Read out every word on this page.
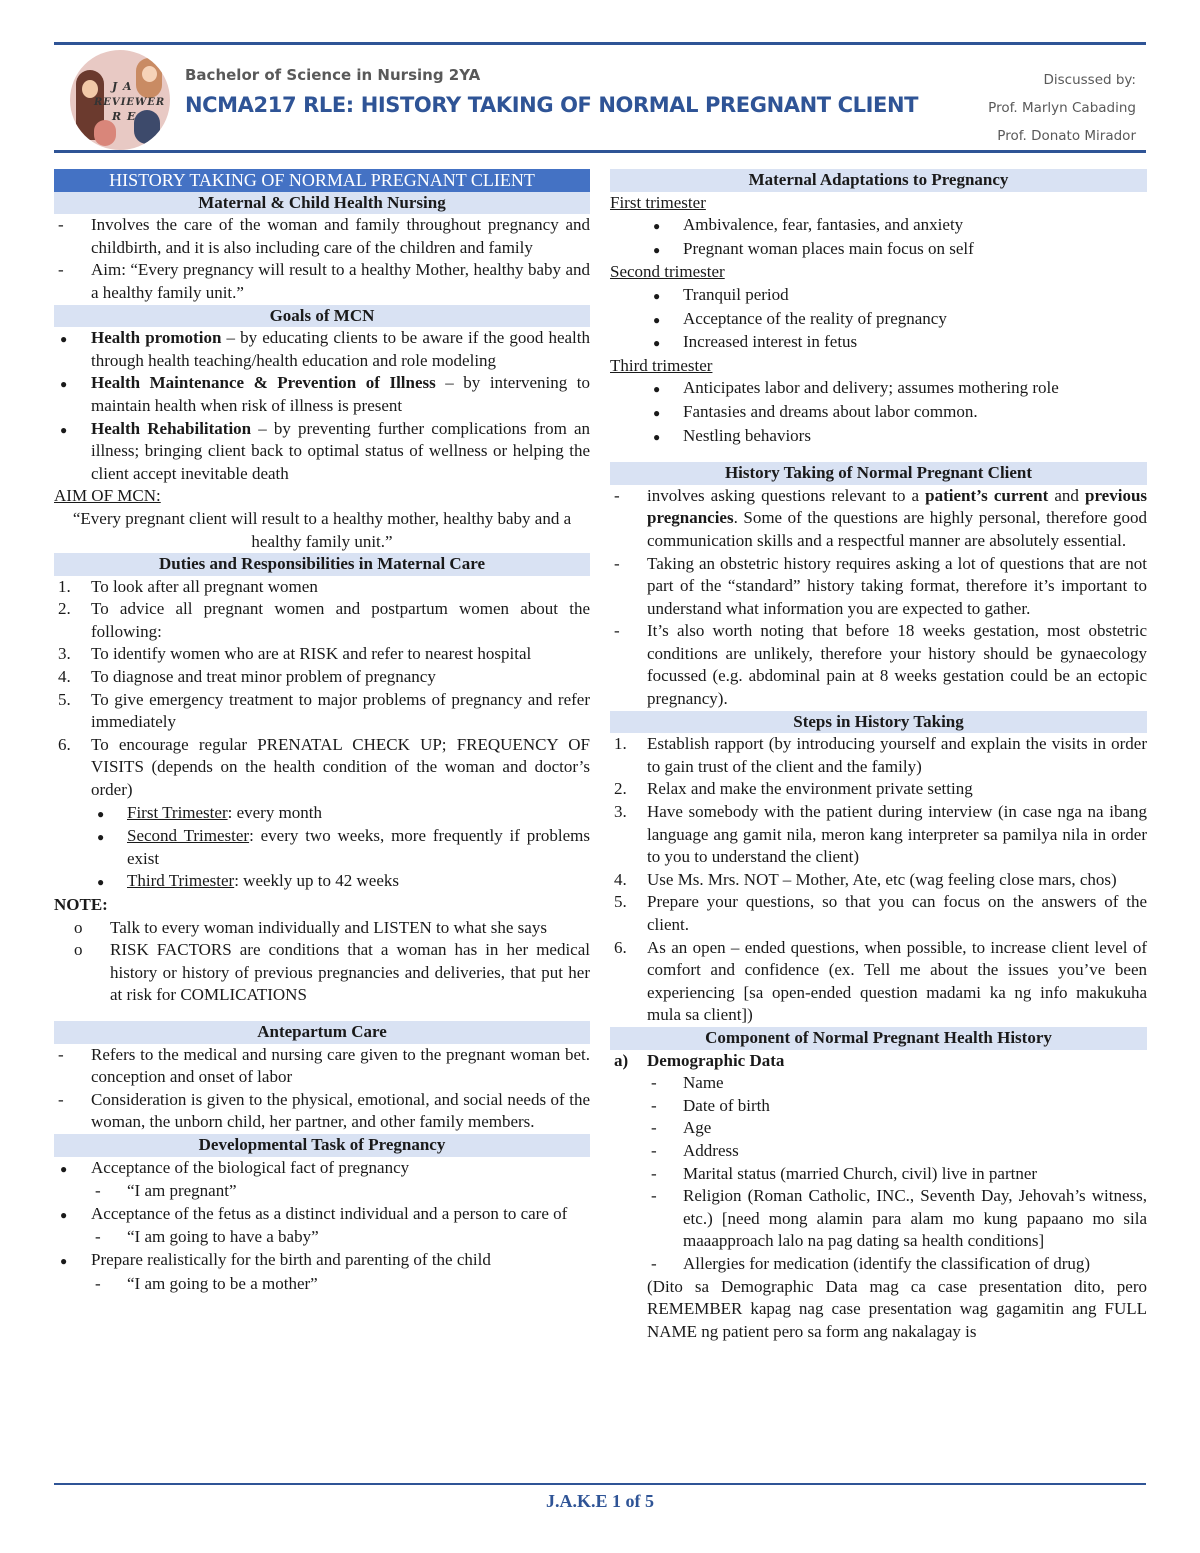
J A
REVIEWER
R E
Bachelor of Science in Nursing 2YA
NCMA217 RLE: HISTORY TAKING OF NORMAL PREGNANT CLIENT
Discussed by:
Prof. Marlyn Cabading
Prof. Donato Mirador
HISTORY TAKING OF NORMAL PREGNANT CLIENT
Maternal & Child Health Nursing
-	Involves the care of the woman and family throughout pregnancy and childbirth, and it is also including care of the children and family
-	Aim: “Every pregnancy will result to a healthy Mother, healthy baby and a healthy family unit.”
Goals of MCN
●	Health promotion – by educating clients to be aware if the good health through health teaching/health education and role modeling
●	Health Maintenance & Prevention of Illness – by intervening to maintain health when risk of illness is present
●	Health Rehabilitation – by preventing further complications from an illness; bringing client back to optimal status of wellness or helping the client accept inevitable death
AIM OF MCN:
“Every pregnant client will result to a healthy mother, healthy baby and a healthy family unit.”
Duties and Responsibilities in Maternal Care
1.	To look after all pregnant women
2.	To advice all pregnant women and postpartum women about the following:
3.	To identify women who are at RISK and refer to nearest hospital
4.	To diagnose and treat minor problem of pregnancy
5.	To give emergency treatment to major problems of pregnancy and refer immediately
6.	To encourage regular PRENATAL CHECK UP; FREQUENCY OF VISITS (depends on the health condition of the woman and doctor’s order)
●	First Trimester: every month
●	Second Trimester: every two weeks, more frequently if problems exist
●	Third Trimester: weekly up to 42 weeks
NOTE:
o	Talk to every woman individually and LISTEN to what she says
o	RISK FACTORS are conditions that a woman has in her medical history or history of previous pregnancies and deliveries, that put her at risk for COMLICATIONS
Antepartum Care
-	Refers to the medical and nursing care given to the pregnant woman bet. conception and onset of labor
-	Consideration is given to the physical, emotional, and social needs of the woman, the unborn child, her partner, and other family members.
Developmental Task of Pregnancy
●	Acceptance of the biological fact of pregnancy
-	“I am pregnant”
●	Acceptance of the fetus as a distinct individual and a person to care of
-	“I am going to have a baby”
●	Prepare realistically for the birth and parenting of the child
-	“I am going to be a mother”
Maternal Adaptations to Pregnancy
First trimester
●	Ambivalence, fear, fantasies, and anxiety
●	Pregnant woman places main focus on self
Second trimester
●	Tranquil period
●	Acceptance of the reality of pregnancy
●	Increased interest in fetus
Third trimester
●	Anticipates labor and delivery; assumes mothering role
●	Fantasies and dreams about labor common.
●	Nestling behaviors
History Taking of Normal Pregnant Client
-	involves asking questions relevant to a patient’s current and previous pregnancies. Some of the questions are highly personal, therefore good communication skills and a respectful manner are absolutely essential.
-	Taking an obstetric history requires asking a lot of questions that are not part of the “standard” history taking format, therefore it’s important to understand what information you are expected to gather.
-	It’s also worth noting that before 18 weeks gestation, most obstetric conditions are unlikely, therefore your history should be gynaecology focussed (e.g. abdominal pain at 8 weeks gestation could be an ectopic pregnancy).
Steps in History Taking
1.	Establish rapport (by introducing yourself and explain the visits in order to gain trust of the client and the family)
2.	Relax and make the environment private setting
3.	Have somebody with the patient during interview (in case nga na ibang language ang gamit nila, meron kang interpreter sa pamilya nila in order to you to understand the client)
4.	Use Ms. Mrs. NOT – Mother, Ate, etc (wag feeling close mars, chos)
5.	Prepare your questions, so that you can focus on the answers of the client.
6.	As an open – ended questions, when possible, to increase client level of comfort and confidence (ex. Tell me about the issues you’ve been experiencing [sa open-ended question madami ka ng info makukuha mula sa client])
Component of Normal Pregnant Health History
a)	Demographic Data
-	Name
-	Date of birth
-	Age
-	Address
-	Marital status (married Church, civil) live in partner
-	Religion (Roman Catholic, INC., Seventh Day, Jehovah’s witness, etc.) [need mong alamin para alam mo kung papaano mo sila maaapproach lalo na pag dating sa health conditions]
-	Allergies for medication (identify the classification of drug)
(Dito sa Demographic Data mag ca case presentation dito, pero REMEMBER kapag nag case presentation wag gagamitin ang FULL NAME ng patient pero sa form ang nakalagay is
J.A.K.E 1 of 5
